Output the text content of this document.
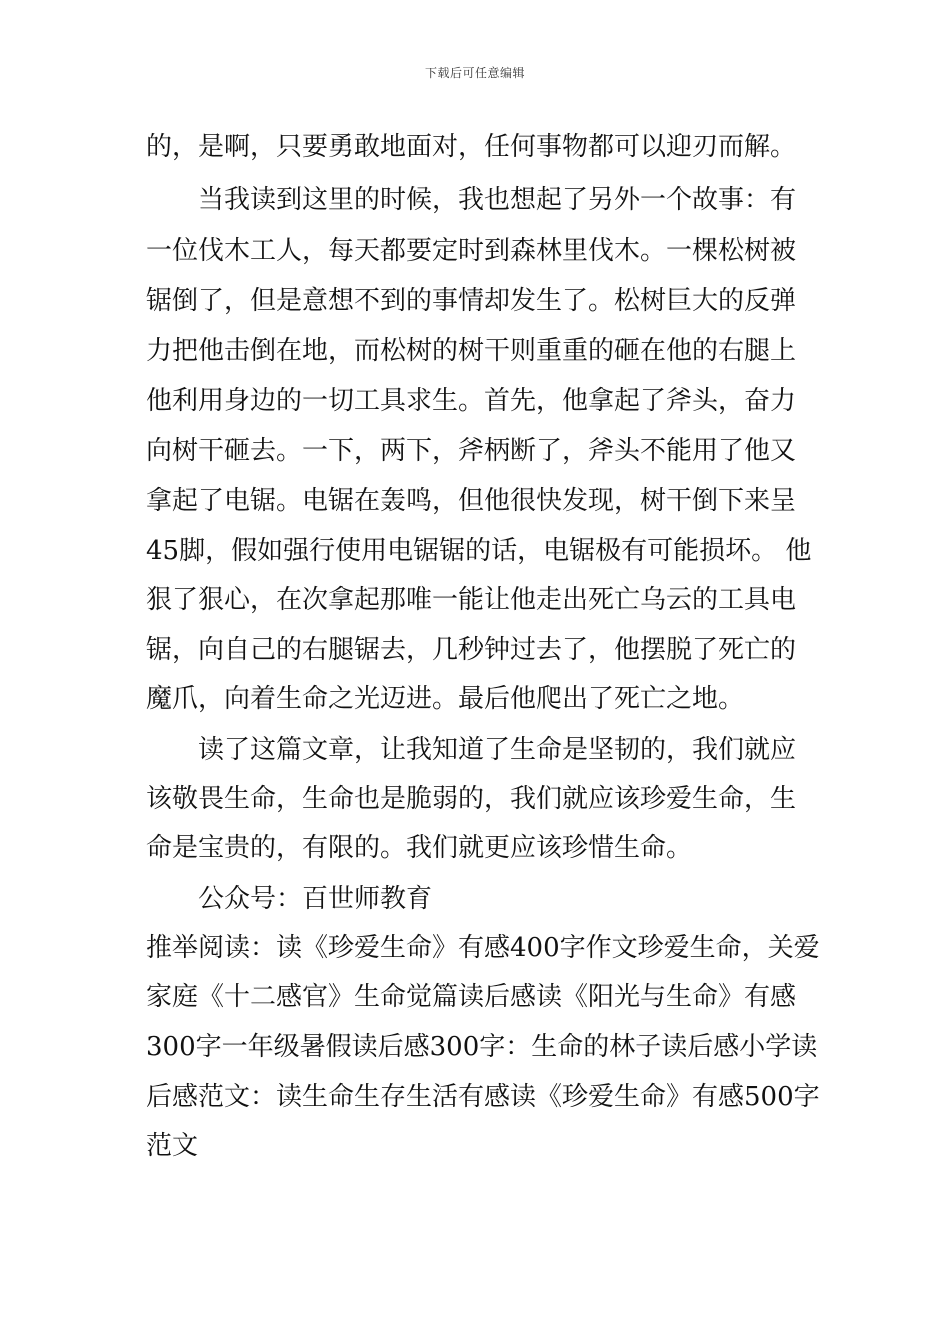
下载后可任意编辑
的，是啊，只要勇敢地面对，任何事物都可以迎刃而解。
当我读到这里的时候，我也想起了另外一个故事：有
一位伐木工人，每天都要定时到森林里伐木。一棵松树被
锯倒了，但是意想不到的事情却发生了。松树巨大的反弹
力把他击倒在地，而松树的树干则重重的砸在他的右腿上
他利用身边的一切工具求生。首先，他拿起了斧头，奋力
向树干砸去。一下，两下，斧柄断了，斧头不能用了他又
拿起了电锯。电锯在轰鸣，但他很快发现，树干倒下来呈
45脚，假如强行使用电锯锯的话，电锯极有可能损坏。 他
狠了狠心，在次拿起那唯一能让他走出死亡乌云的工具电
锯，向自己的右腿锯去，几秒钟过去了，他摆脱了死亡的
魔爪，向着生命之光迈进。最后他爬出了死亡之地。
读了这篇文章，让我知道了生命是坚韧的，我们就应
该敬畏生命，生命也是脆弱的，我们就应该珍爱生命，生
命是宝贵的，有限的。我们就更应该珍惜生命。
公众号：百世师教育
推举阅读：读《珍爱生命》有感400字作文珍爱生命，关爱
家庭《十二感官》生命觉篇读后感读《阳光与生命》有感
300字一年级暑假读后感300字：生命的林子读后感小学读
后感范文：读生命生存生活有感读《珍爱生命》有感500字
范文
